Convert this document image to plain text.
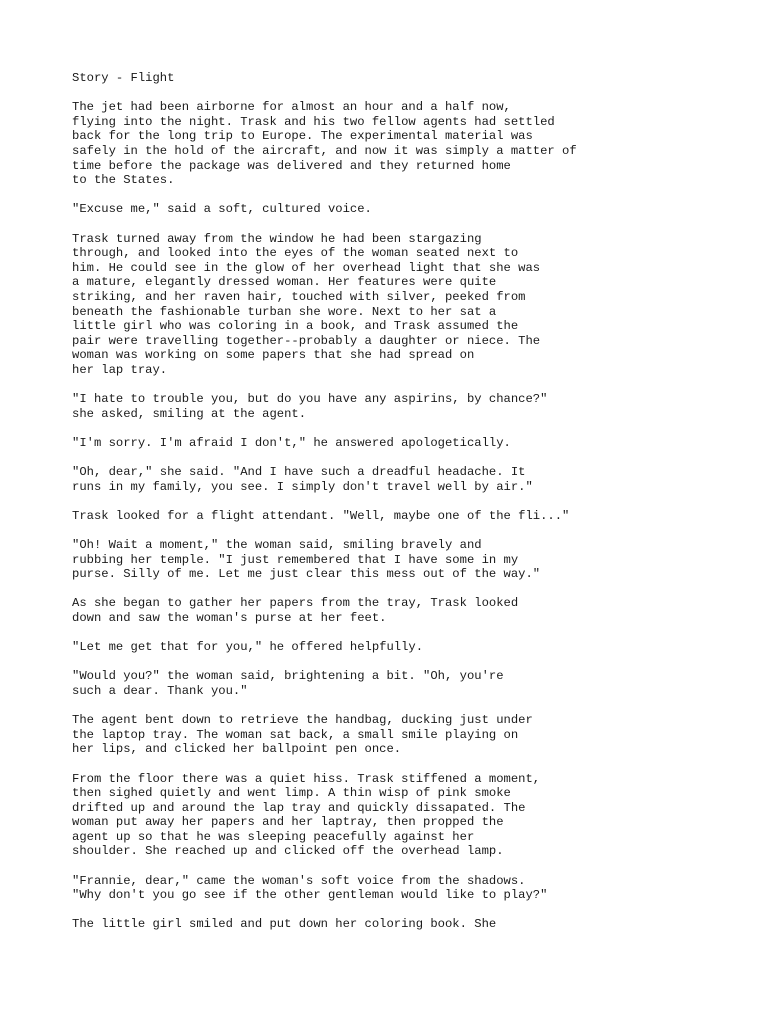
Story - Flight
The jet had been airborne for almost an hour and a half now,
flying into the night. Trask and his two fellow agents had settled
back for the long trip to Europe. The experimental material was
safely in the hold of the aircraft, and now it was simply a matter of
time before the package was delivered and they returned home
to the States.
"Excuse me," said a soft, cultured voice.
Trask turned away from the window he had been stargazing
through, and looked into the eyes of the woman seated next to
him. He could see in the glow of her overhead light that she was
a mature, elegantly dressed woman. Her features were quite
striking, and her raven hair, touched with silver, peeked from
beneath the fashionable turban she wore. Next to her sat a
little girl who was coloring in a book, and Trask assumed the
pair were travelling together--probably a daughter or niece. The
woman was working on some papers that she had spread on
her lap tray.
"I hate to trouble you, but do you have any aspirins, by chance?"
she asked, smiling at the agent.
"I'm sorry. I'm afraid I don't," he answered apologetically.
"Oh, dear," she said. "And I have such a dreadful headache. It
runs in my family, you see. I simply don't travel well by air."
Trask looked for a flight attendant. "Well, maybe one of the fli..."
"Oh! Wait a moment," the woman said, smiling bravely and
rubbing her temple. "I just remembered that I have some in my
purse. Silly of me. Let me just clear this mess out of the way."
As she began to gather her papers from the tray, Trask looked
down and saw the woman's purse at her feet.
"Let me get that for you," he offered helpfully.
"Would you?" the woman said, brightening a bit. "Oh, you're
such a dear. Thank you."
The agent bent down to retrieve the handbag, ducking just under
the laptop tray. The woman sat back, a small smile playing on
her lips, and clicked her ballpoint pen once.
From the floor there was a quiet hiss. Trask stiffened a moment,
then sighed quietly and went limp. A thin wisp of pink smoke
drifted up and around the lap tray and quickly dissapated. The
woman put away her papers and her laptray, then propped the
agent up so that he was sleeping peacefully against her
shoulder. She reached up and clicked off the overhead lamp.
"Frannie, dear," came the woman's soft voice from the shadows.
"Why don't you go see if the other gentleman would like to play?"
The little girl smiled and put down her coloring book. She
